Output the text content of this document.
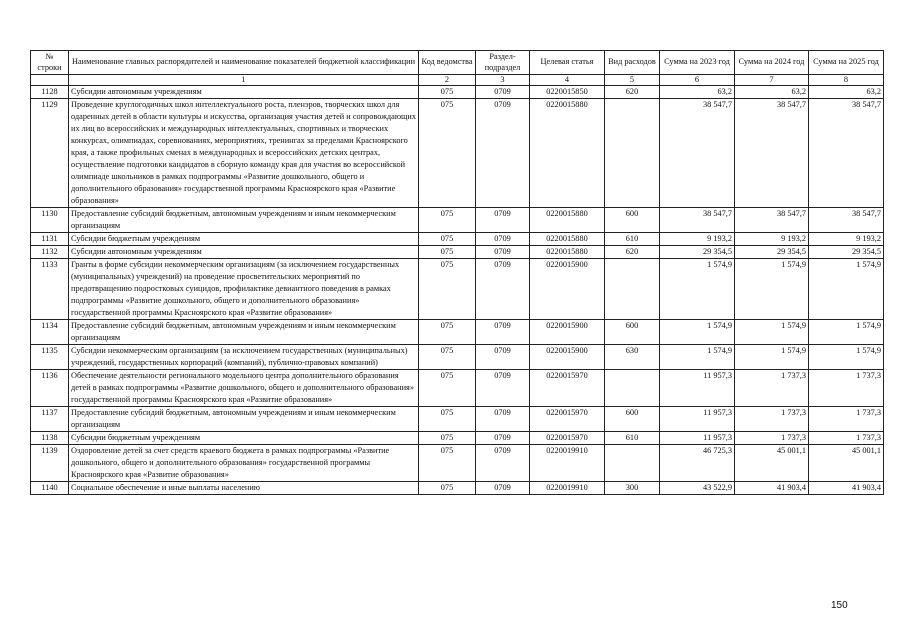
№ строки	Наименование главных распорядителей и наименование показателей бюджетной классификации	Код ведомства	Раздел-подраздел	Целевая статья	Вид расходов	Сумма на 2023 год	Сумма на 2024 год	Сумма на 2025 год
	1	2	3	4	5	6	7	8
1128	Субсидии автономным учреждениям	075	0709	0220015850	620	63,2	63,2	63,2
1129	Проведение круглогодичных школ интеллектуального роста, пленэров, творческих школ для одаренных детей в области культуры и искусства, организация участия детей и сопровождающих их лиц во всероссийских и международных интеллектуальных, спортивных и творческих конкурсах, олимпиадах, соревнованиях, мероприятиях, тренингах за пределами Красноярского края, а также профильных сменах в международных и всероссийских детских центрах, осуществление подготовки кандидатов в сборную команду края для участия во всероссийской олимпиаде школьников в рамках подпрограммы «Развитие дошкольного, общего и дополнительного образования» государственной программы Красноярского края «Развитие образования»	075	0709	0220015880		38 547,7	38 547,7	38 547,7
1130	Предоставление субсидий бюджетным, автономным учреждениям и иным некоммерческим организациям	075	0709	0220015880	600	38 547,7	38 547,7	38 547,7
1131	Субсидии бюджетным учреждениям	075	0709	0220015880	610	9 193,2	9 193,2	9 193,2
1132	Субсидии автономным учреждениям	075	0709	0220015880	620	29 354,5	29 354,5	29 354,5
1133	Гранты в форме субсидии некоммерческим организациям (за исключением государственных (муниципальных) учреждений) на проведение просветительских мероприятий по предотвращению подростковых суицидов, профилактике девиантного поведения в рамках подпрограммы «Развитие дошкольного, общего и дополнительного образования» государственной программы Красноярского края «Развитие образования»	075	0709	0220015900		1 574,9	1 574,9	1 574,9
1134	Предоставление субсидий бюджетным, автономным учреждениям и иным некоммерческим организациям	075	0709	0220015900	600	1 574,9	1 574,9	1 574,9
1135	Субсидии некоммерческим организациям (за исключением государственных (муниципальных) учреждений, государственных корпораций (компаний), публично-правовых компаний)	075	0709	0220015900	630	1 574,9	1 574,9	1 574,9
1136	Обеспечение деятельности регионального модельного центра дополнительного образования детей в рамках подпрограммы «Развитие дошкольного, общего и дополнительного образования» государственной программы Красноярского края «Развитие образования»	075	0709	0220015970		11 957,3	1 737,3	1 737,3
1137	Предоставление субсидий бюджетным, автономным учреждениям и иным некоммерческим организациям	075	0709	0220015970	600	11 957,3	1 737,3	1 737,3
1138	Субсидии бюджетным учреждениям	075	0709	0220015970	610	11 957,3	1 737,3	1 737,3
1139	Оздоровление детей за счет средств краевого бюджета в рамках подпрограммы «Развитие дошкольного, общего и дополнительного образования» государственной программы Красноярского края «Развитие образования»	075	0709	0220019910		46 725,3	45 001,1	45 001,1
1140	Социальное обеспечение и иные выплаты населению	075	0709	0220019910	300	43 522,9	41 903,4	41 903,4
150
